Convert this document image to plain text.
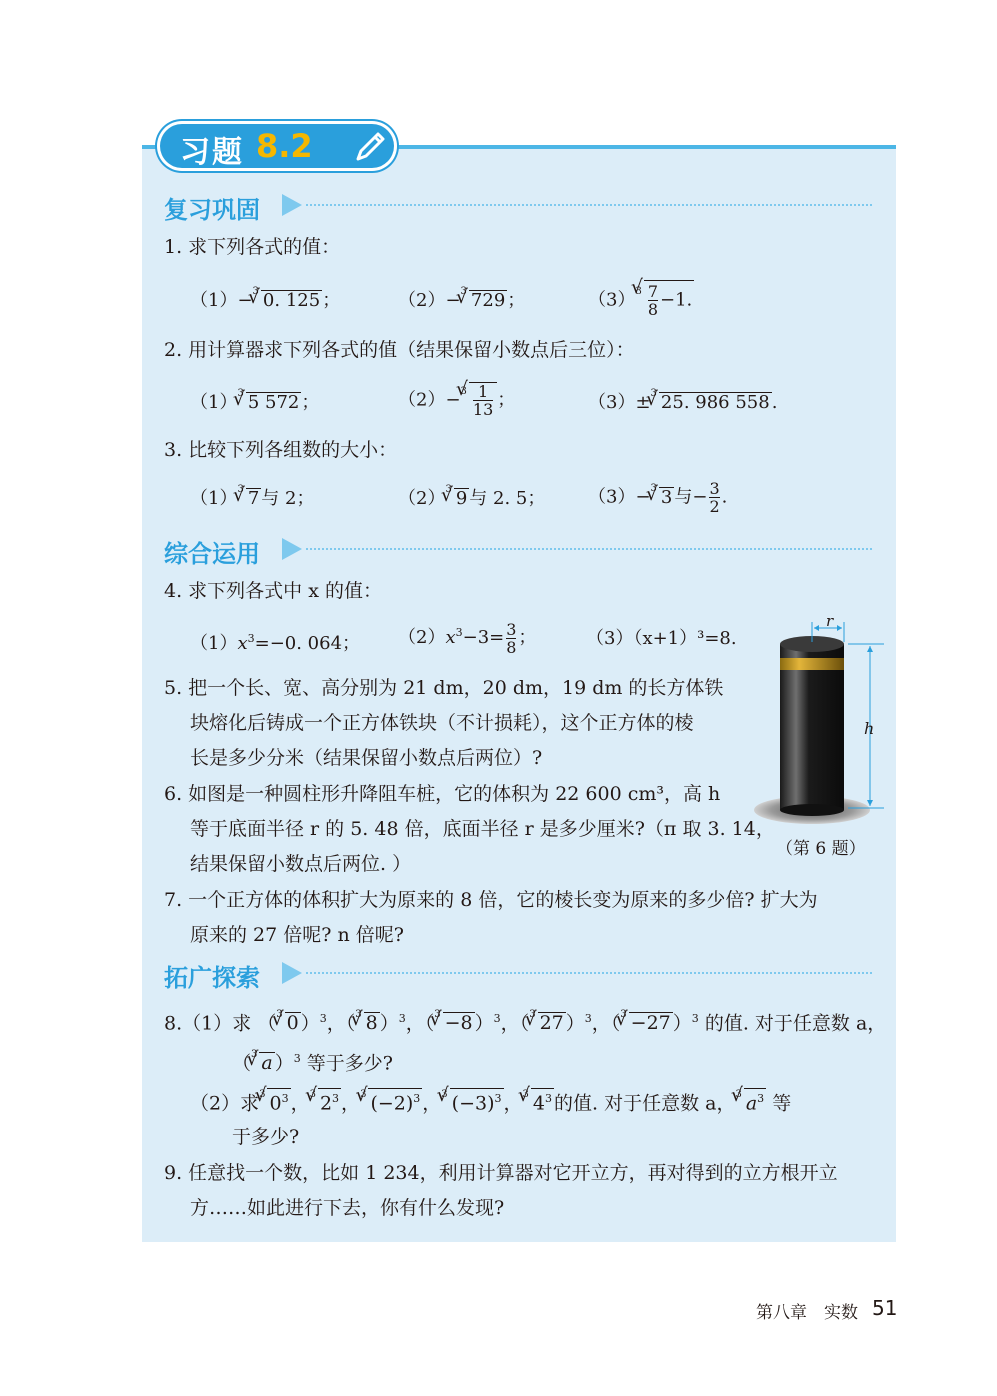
习题 8.2
复习巩固
1. 求下列各式的值：
（1）−$^3$√ 0. 125 ；	（2）−$^3$√ 729 ；	$(3)^3$
√ $\frac{7}{8} -1$.
2. 用计算器求下列各式的值（结果保留小数点后三位）：
$(1)^3√$ 5 572 ；	（2）−$^3$
√ $\frac{1}{13}$ ；	（3）±$^3$√ 25. 986 558 .
3. 比较下列各组数的大小：
$(1)^3√$ 7 与 2；	$(2)^3√$ 9 与 2. 5； （3）−$^3$√ 3 与− $\frac{3}{2}$ .
综合运用
4. 求下列各式中 x 的值：
$(1)x^3=-0$. 064； $(2)x^3-3= \frac{3}{8}$ ；	（3）（x+1）³=8.
5. 把一个长、宽、高分别为 21 dm，20 dm，19 dm 的长方体铁
块熔化后铸成一个正方体铁块（不计损耗），这个正方体的棱
长是多少分米（结果保留小数点后两位）?
6. 如图是一种圆柱形升降阻车桩，它的体积为 22 600 cm³，高 h
等于底面半径 r 的 5. 48 倍，底面半径 r 是多少厘米?（π 取 3. 14，
结果保留小数点后两位. ）
r
h
（第 6 题）
7. 一个正方体的体积扩大为原来的 8 倍，它的棱长变为原来的多少倍? 扩大为
原来的 27 倍呢? n 倍呢?
拓广探索
8.（1）求 （$^3$√ 0 ）$^3$，（$^3$√ 8 ）$^3$，（$^3$√ −8 ）$^3$，（$^3$√ 27 ）$^3$，（$^3$√ −27 ）$^3$ 的值. 对于任意数 a，
（$^3$√ a ）$^3$ 等于多少?
（2）求$^3$√ $0^3$ ，$^3$√ $2^3$ ，$^3$√ $(-2)^3$ ，$^3$√ $(-3)^3$ ，$^3$√ $4^3$ 的值. 对于任意数 a，$^3$√ $a^3$ 等
于多少?
9. 任意找一个数，比如 1 234，利用计算器对它开立方，再对得到的立方根开立
方……如此进行下去，你有什么发现?
第八章　实数 51
